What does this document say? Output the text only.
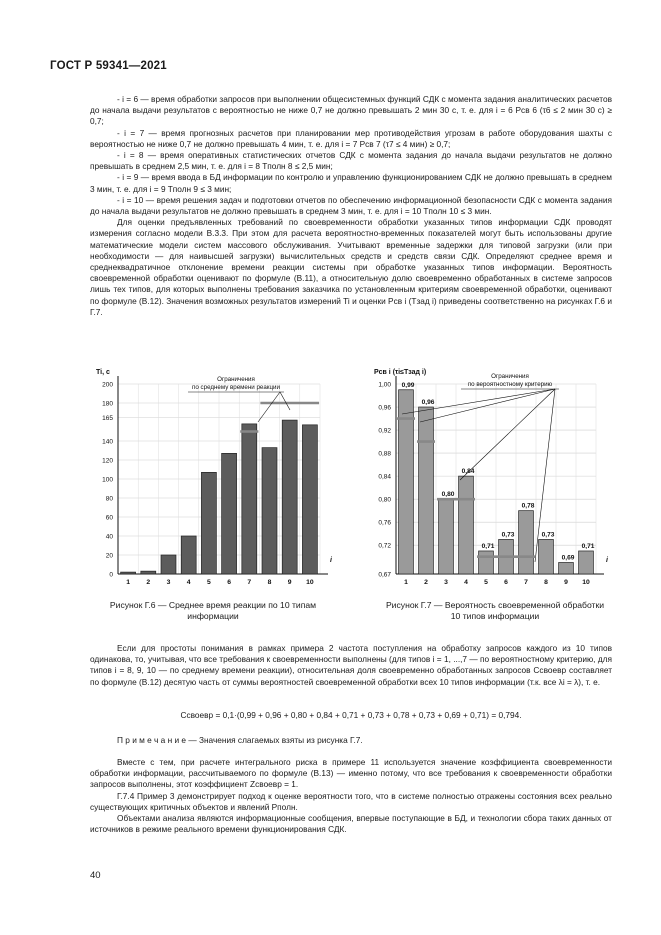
ГОСТ Р 59341—2021

- i = 6 — время обработки запросов при выполнении общесистемных функций СДК с момента задания аналитических расчетов до начала выдачи результатов с вероятностью не ниже 0,7 не должно превышать 2 мин 30 с, т. е. для i = 6 Pсв 6 (τ6 ≤ 2 мин 30 с) ≥ 0,7;

- i = 7 — время прогнозных расчетов при планировании мер противодействия угрозам в работе оборудования шахты с вероятностью не ниже 0,7 не должно превышать 4 мин, т. е. для i = 7 Pсв 7 (τ7 ≤ 4 мин) ≥ 0,7;

- i = 8 — время оперативных статистических отчетов СДК с момента задания до начала выдачи результатов не должно превышать в среднем 2,5 мин, т. е. для i = 8 Tполн 8 ≤ 2,5 мин;

- i = 9 — время ввода в БД информации по контролю и управлению функционированием СДК не должно превышать в среднем 3 мин, т. е. для i = 9 Tполн 9 ≤ 3 мин;

- i = 10 — время решения задач и подготовки отчетов по обеспечению информационной безопасности СДК с момента задания до начала выдачи результатов не должно превышать в среднем 3 мин, т. е. для i = 10 Tполн 10 ≤ 3 мин.

Для оценки предъявленных требований по своевременности обработки указанных типов информации СДК проводят измерения согласно модели В.3.3. При этом для расчета вероятностно-временных показателей могут быть использованы другие математические модели систем массового обслуживания. Учитывают временные задержки для типовой загрузки (или при необходимости — для наивысшей загрузки) вычислительных средств и средств связи СДК. Определяют среднее время и среднеквадратичное отклонение времени реакции системы при обработке указанных типов информации. Вероятность своевременной обработки оценивают по формуле (В.11), а относительную долю своевременно обработанных в системе запросов лишь тех типов, для которых выполнены требования заказчика по установленным критериям своевременной обработки, оценивают по формуле (В.12). Значения возможных результатов измерений Ti и оценки Pсв i (Tзад i) приведены соответственно на рисунках Г.6 и Г.7.

0
20
40
60
80
100
120
140
165
180
200
Ti, с
i
1 2 3 4 5 6 7 8 9 10
Ограничения
по среднему времени реакции
Рисунок Г.6 — Среднее время реакции по 10 типам
информации
0,67
0,72
0,76
0,80
0,84
0,88
0,92
0,96
1,00
Pсв i (τi≤Tзад i)
i
1
0,99
2
0,96
3
0,80
4
0,84
5
0,71
6
0,73
7
0,78
8
0,73
9
0,69
10
0,71
Ограничения
по вероятностному критерию
Рисунок Г.7 — Вероятность своевременной обработки
10 типов информации

Если для простоты понимания в рамках примера 2 частота поступления на обработку запросов каждого из 10 типов одинакова, то, учитывая, что все требования к своевременности выполнены (для типов i = 1, ...,7 — по вероятностному критерию, для типов i = 8, 9, 10 — по среднему времени реакции), относительная доля своевременно обработанных запросов Cсвоевр составляет по формуле (В.12) десятую часть от суммы вероятностей своевременной обработки всех 10 типов информации (т.к. все λi = λ), т. е.

Cсвоевр = 0,1·(0,99 + 0,96 + 0,80 + 0,84 + 0,71 + 0,73 + 0,78 + 0,73 + 0,69 + 0,71) = 0,794.

П р и м е ч а н и е — Значения слагаемых взяты из рисунка Г.7.

Вместе с тем, при расчете интегрального риска в примере 11 используется значение коэффициента своевременности обработки информации, рассчитываемого по формуле (В.13) — именно потому, что все требования к своевременности обработки запросов выполнены, этот коэффициент Zсвоевр = 1.

Г.7.4 Пример 3 демонстрирует подход к оценке вероятности того, что в системе полностью отражены состояния всех реально существующих критичных объектов и явлений Pполн.

Объектами анализа являются информационные сообщения, впервые поступающие в БД, и технологии сбора таких данных от источников в режиме реального времени функционирования СДК.

40
